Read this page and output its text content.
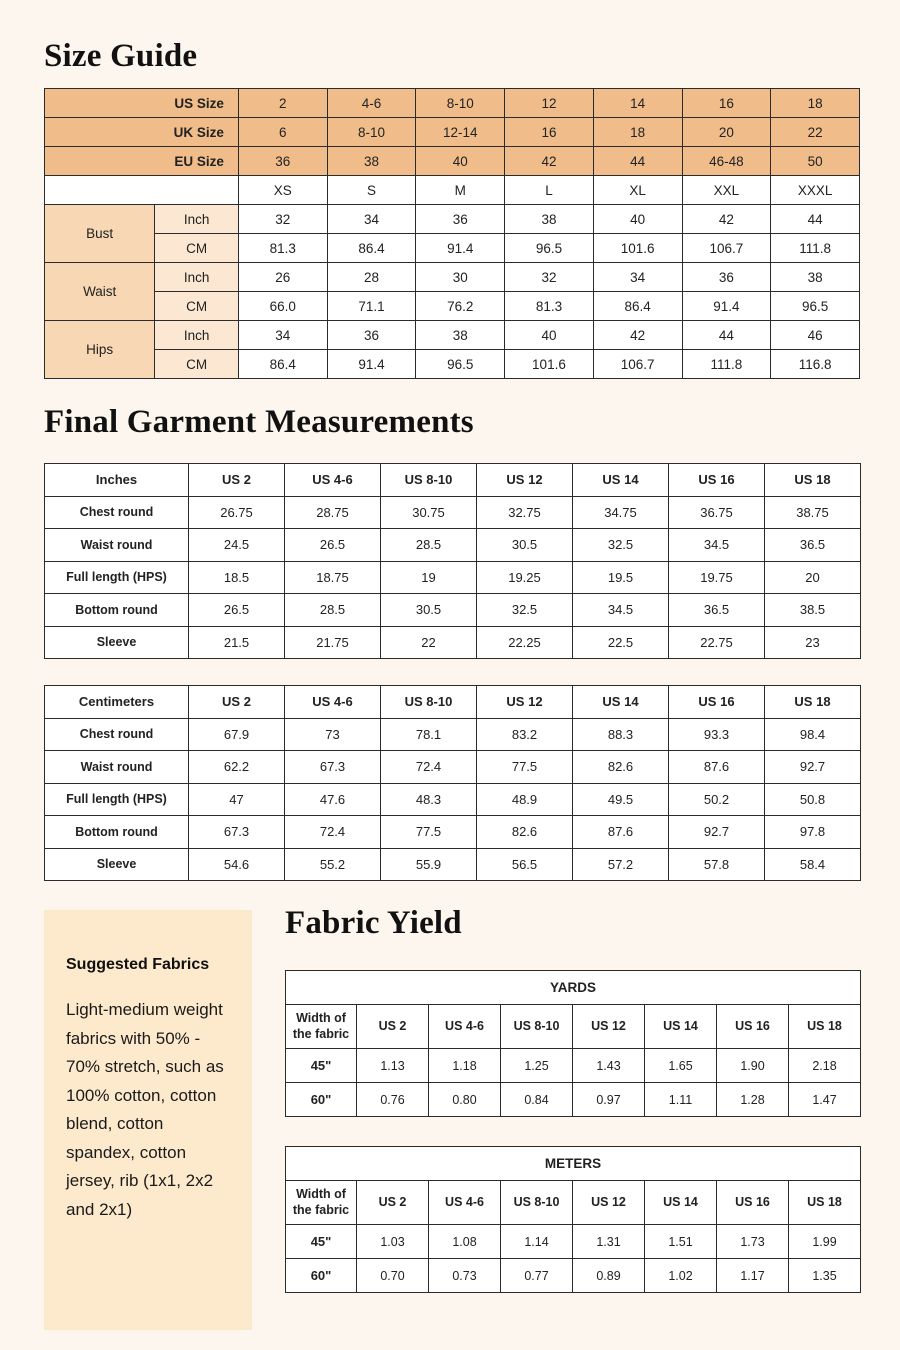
Size Guide
US Size		2	4-6	8-10	12	14	16	18
UK Size		6	8-10	12-14	16	18	20	22
EU Size		36	38	40	42	44	46-48	50
		XS	S	M	L	XL	XXL	XXXL
Bust	Inch	32	34	36	38	40	42	44
	CM	81.3	86.4	91.4	96.5	101.6	106.7	111.8
Waist	Inch	26	28	30	32	34	36	38
	CM	66.0	71.1	76.2	81.3	86.4	91.4	96.5
Hips	Inch	34	36	38	40	42	44	46
	CM	86.4	91.4	96.5	101.6	106.7	111.8	116.8
Final Garment Measurements
Inches	US 2	US 4-6	US 8-10	US 12	US 14	US 16	US 18
Chest round	26.75	28.75	30.75	32.75	34.75	36.75	38.75
Waist round	24.5	26.5	28.5	30.5	32.5	34.5	36.5
Full length (HPS)	18.5	18.75	19	19.25	19.5	19.75	20
Bottom round	26.5	28.5	30.5	32.5	34.5	36.5	38.5
Sleeve	21.5	21.75	22	22.25	22.5	22.75	23
Centimeters	US 2	US 4-6	US 8-10	US 12	US 14	US 16	US 18
Chest round	67.9	73	78.1	83.2	88.3	93.3	98.4
Waist round	62.2	67.3	72.4	77.5	82.6	87.6	92.7
Full length (HPS)	47	47.6	48.3	48.9	49.5	50.2	50.8
Bottom round	67.3	72.4	77.5	82.6	87.6	92.7	97.8
Sleeve	54.6	55.2	55.9	56.5	57.2	57.8	58.4
Suggested Fabrics
Light-medium weight fabrics with 50% - 70% stretch, such as 100% cotton, cotton blend, cotton spandex, cotton jersey, rib (1x1, 2x2 and 2x1)
Fabric Yield
YARDS							
Width of the fabric	US 2	US 4-6	US 8-10	US 12	US 14	US 16	US 18
45"	1.13	1.18	1.25	1.43	1.65	1.90	2.18
60"	0.76	0.80	0.84	0.97	1.11	1.28	1.47
METERS							
Width of the fabric	US 2	US 4-6	US 8-10	US 12	US 14	US 16	US 18
45"	1.03	1.08	1.14	1.31	1.51	1.73	1.99
60"	0.70	0.73	0.77	0.89	1.02	1.17	1.35
